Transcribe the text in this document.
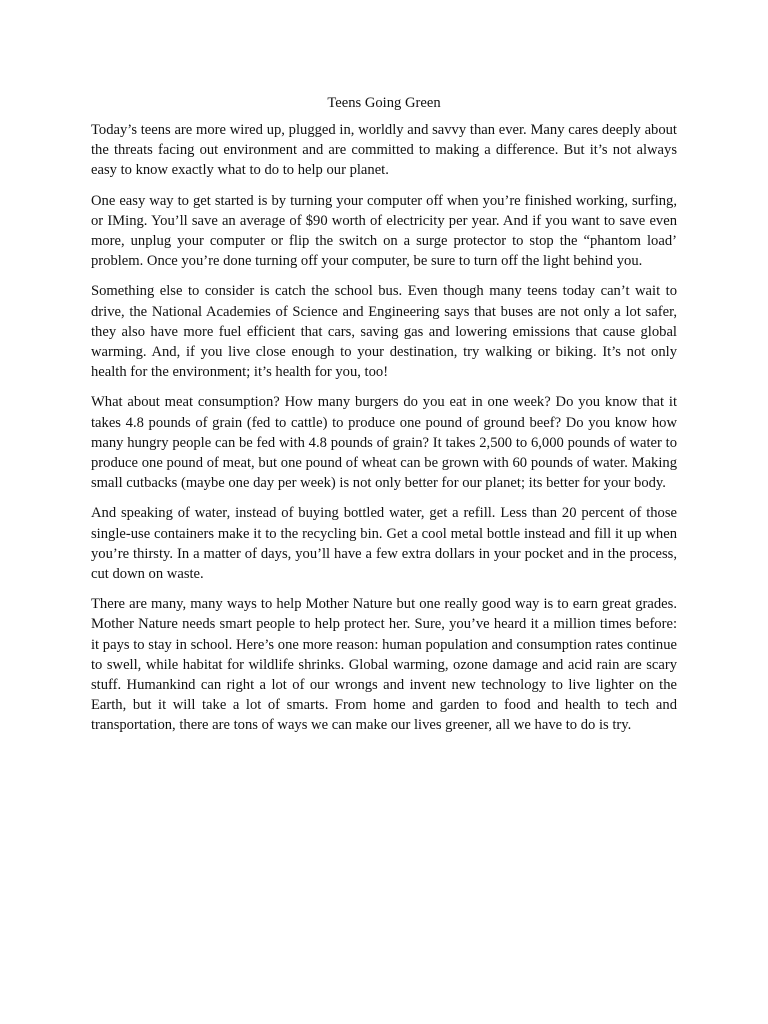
Teens Going Green

Today’s teens are more wired up, plugged in, worldly and savvy than ever. Many cares deeply about the threats facing out environment and are committed to making a difference. But it’s not always easy to know exactly what to do to help our planet.

One easy way to get started is by turning your computer off when you’re finished working, surfing, or IMing. You’ll save an average of $90 worth of electricity per year. And if you want to save even more, unplug your computer or flip the switch on a surge protector to stop the “phantom load’ problem. Once you’re done turning off your computer, be sure to turn off the light behind you.

Something else to consider is catch the school bus. Even though many teens today can’t wait to drive, the National Academies of Science and Engineering says that buses are not only a lot safer, they also have more fuel efficient that cars, saving gas and lowering emissions that cause global warming. And, if you live close enough to your destination, try walking or biking. It’s not only health for the environment; it’s health for you, too!

What about meat consumption? How many burgers do you eat in one week? Do you know that it takes 4.8 pounds of grain (fed to cattle) to produce one pound of ground beef? Do you know how many hungry people can be fed with 4.8 pounds of grain? It takes 2,500 to 6,000 pounds of water to produce one pound of meat, but one pound of wheat can be grown with 60 pounds of water. Making small cutbacks (maybe one day per week) is not only better for our planet; its better for your body.

And speaking of water, instead of buying bottled water, get a refill. Less than 20 percent of those single-use containers make it to the recycling bin. Get a cool metal bottle instead and fill it up when you’re thirsty. In a matter of days, you’ll have a few extra dollars in your pocket and in the process, cut down on waste.

There are many, many ways to help Mother Nature but one really good way is to earn great grades. Mother Nature needs smart people to help protect her. Sure, you’ve heard it a million times before: it pays to stay in school. Here’s one more reason: human population and consumption rates continue to swell, while habitat for wildlife shrinks. Global warming, ozone damage and acid rain are scary stuff. Humankind can right a lot of our wrongs and invent new technology to live lighter on the Earth, but it will take a lot of smarts. From home and garden to food and health to tech and transportation, there are tons of ways we can make our lives greener, all we have to do is try.
